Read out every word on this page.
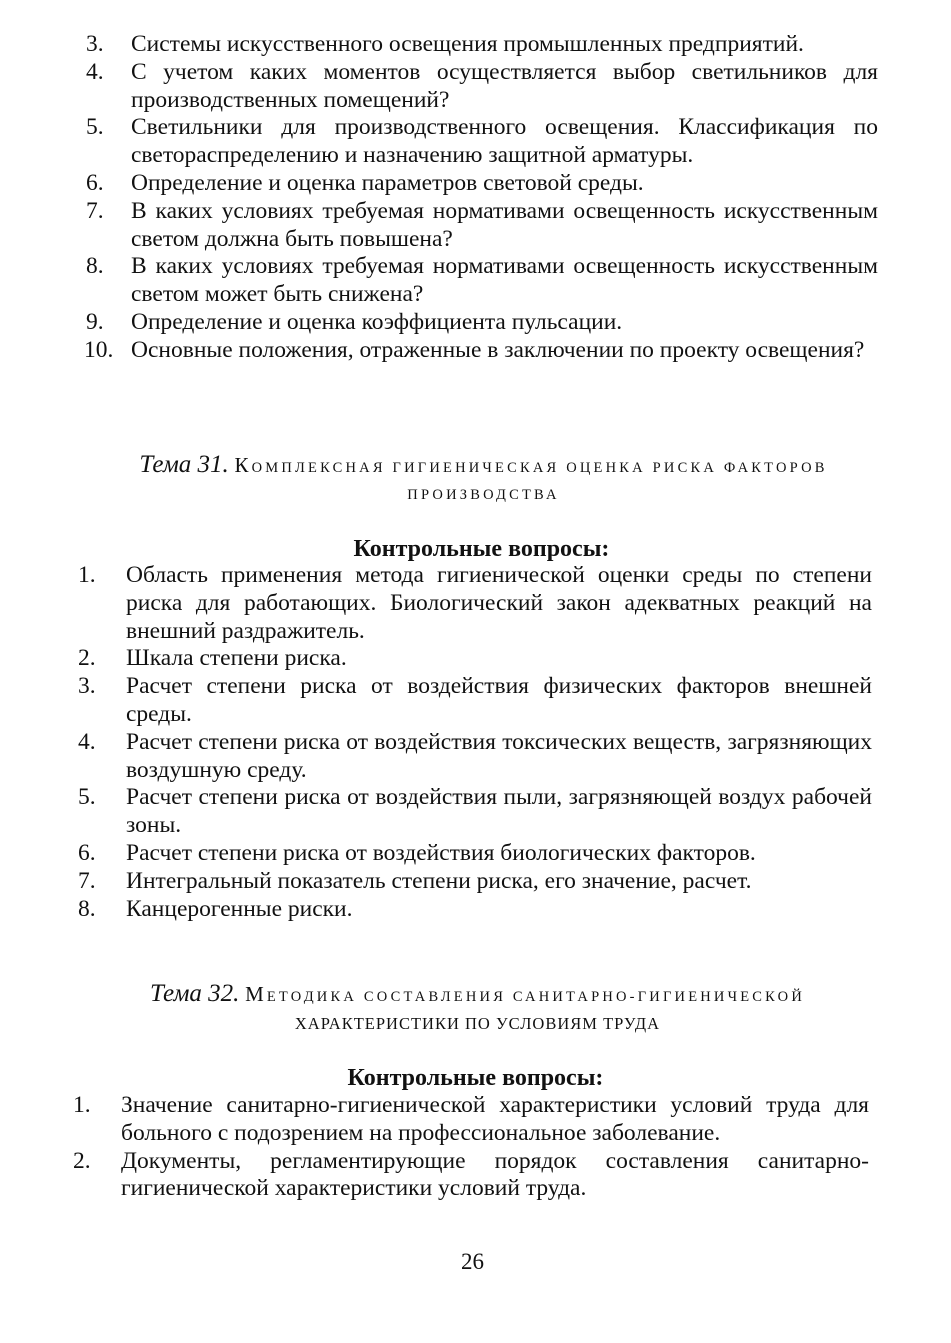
3. Системы искусственного освещения промышленных предприятий.
4. С учетом каких моментов осуществляется выбор светильников для производственных помещений?
5. Светильники для производственного освещения. Классификация по светораспределению и назначению защитной арматуры.
6. Определение и оценка параметров световой среды.
7. В каких условиях требуемая нормативами освещенность искусственным светом должна быть повышена?
8. В каких условиях требуемая нормативами освещенность искусственным светом может быть снижена?
9. Определение и оценка коэффициента пульсации.
10. Основные положения, отраженные в заключении по проекту освещения?
Тема 31. КОМПЛЕКСНАЯ ГИГИЕНИЧЕСКАЯ ОЦЕНКА РИСКА ФАКТОРОВ
ПРОИЗВОДСТВА
Контрольные вопросы:
1. Область применения метода гигиенической оценки среды по степени риска для работающих. Биологический закон адекватных реакций на внешний раздражитель.
2. Шкала степени риска.
3. Расчет степени риска от воздействия физических факторов внешней среды.
4. Расчет степени риска от воздействия токсических веществ, загрязняющих воздушную среду.
5. Расчет степени риска от воздействия пыли, загрязняющей воздух рабочей зоны.
6. Расчет степени риска от воздействия биологических факторов.
7. Интегральный показатель степени риска, его значение, расчет.
8. Канцерогенные риски.
Тема 32. МЕТОДИКА СОСТАВЛЕНИЯ САНИТАРНО-ГИГИЕНИЧЕСКОЙ
ХАРАКТЕРИСТИКИ ПО УСЛОВИЯМ ТРУДА
Контрольные вопросы:
1. Значение санитарно-гигиенической характеристики условий труда для больного с подозрением на профессиональное заболевание.
2. Документы, регламентирующие порядок составления санитарно-гигиенической характеристики условий труда.
26
